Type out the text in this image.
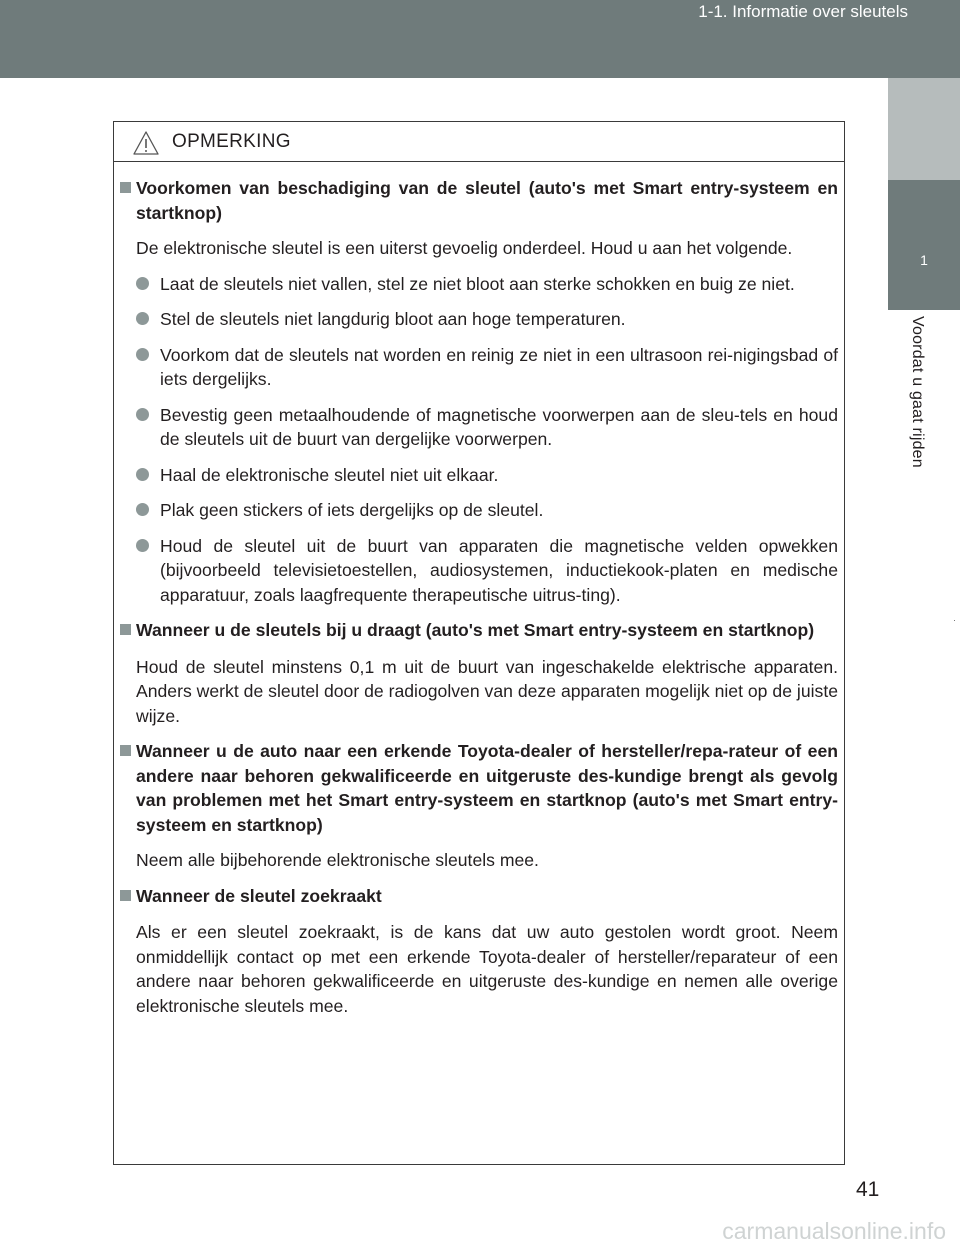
1-1. Informatie over sleutels
1
Voordat u gaat rijden
OPMERKING
Voorkomen van beschadiging van de sleutel (auto's met Smart entry-systeem en startknop)
De elektronische sleutel is een uiterst gevoelig onderdeel. Houd u aan het volgende.
Laat de sleutels niet vallen, stel ze niet bloot aan sterke schokken en buig ze niet.
Stel de sleutels niet langdurig bloot aan hoge temperaturen.
Voorkom dat de sleutels nat worden en reinig ze niet in een ultrasoon rei-nigingsbad of iets dergelijks.
Bevestig geen metaalhoudende of magnetische voorwerpen aan de sleu-tels en houd de sleutels uit de buurt van dergelijke voorwerpen.
Haal de elektronische sleutel niet uit elkaar.
Plak geen stickers of iets dergelijks op de sleutel.
Houd de sleutel uit de buurt van apparaten die magnetische velden opwekken (bijvoorbeeld televisietoestellen, audiosystemen, inductiekook-platen en medische apparatuur, zoals laagfrequente therapeutische uitrus-ting).
Wanneer u de sleutels bij u draagt (auto's met Smart entry-systeem en startknop)
Houd de sleutel minstens 0,1 m uit de buurt van ingeschakelde elektrische apparaten. Anders werkt de sleutel door de radiogolven van deze apparaten mogelijk niet op de juiste wijze.
Wanneer u de auto naar een erkende Toyota-dealer of hersteller/repa-rateur of een andere naar behoren gekwalificeerde en uitgeruste des-kundige brengt als gevolg van problemen met het Smart entry-systeem en startknop (auto's met Smart entry-systeem en startknop)
Neem alle bijbehorende elektronische sleutels mee.
Wanneer de sleutel zoekraakt
Als er een sleutel zoekraakt, is de kans dat uw auto gestolen wordt groot. Neem onmiddellijk contact op met een erkende Toyota-dealer of hersteller/reparateur of een andere naar behoren gekwalificeerde en uitgeruste des-kundige en nemen alle overige elektronische sleutels mee.
41
carmanualsonline.info
